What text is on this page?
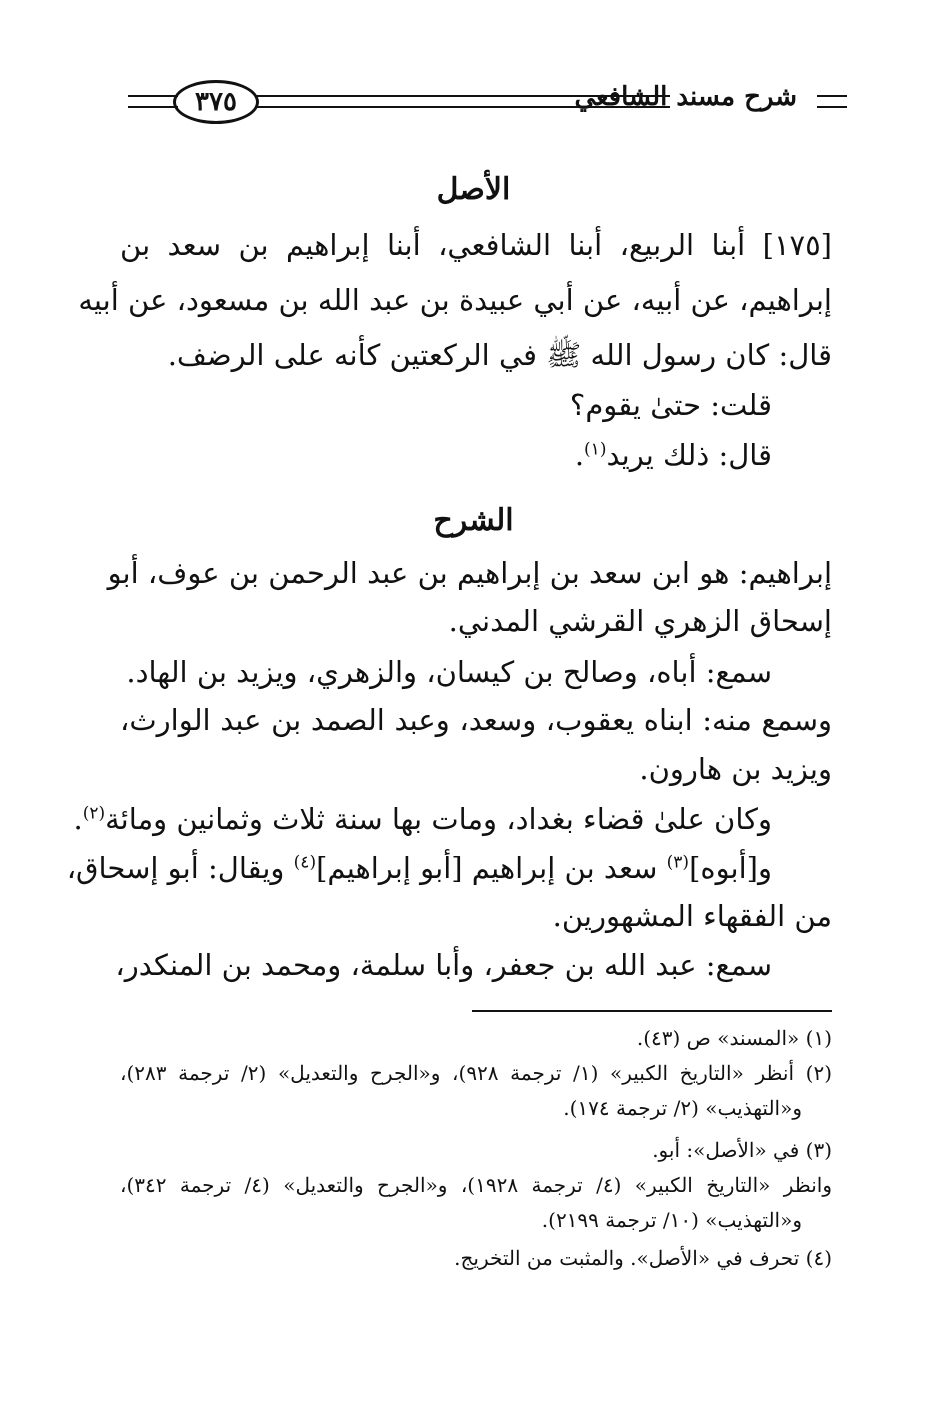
شرح مسند الشافعي
٣٧٥
الأصل
[١٧٥] أبنا الربيع، أبنا الشافعي، أبنا إبراهيم بن سعد بن
إبراهيم، عن أبيه، عن أبي عبيدة بن عبد الله بن مسعود، عن أبيه
قال: كان رسول الله ﷺ في الركعتين كأنه على الرضف.
قلت: حتىٰ يقوم؟
قال: ذلك يريد$^{(١)}$.
الشرح
إبراهيم: هو ابن سعد بن إبراهيم بن عبد الرحمن بن عوف، أبو
إسحاق الزهري القرشي المدني.
سمع: أباه، وصالح بن كيسان، والزهري، ويزيد بن الهاد.
وسمع منه: ابناه يعقوب، وسعد، وعبد الصمد بن عبد الوارث،
ويزيد بن هارون.
وكان علىٰ قضاء بغداد، ومات بها سنة ثلاث وثمانين ومائة$^{(٢)}$.
و[أبوه]$^{(٣)}$ سعد بن إبراهيم [أبو إبراهيم]$^{(٤)}$ ويقال: أبو إسحاق،
من الفقهاء المشهورين.
سمع: عبد الله بن جعفر، وأبا سلمة، ومحمد بن المنكدر،
(١) «المسند» ص (٤٣).
(٢) أنظر «التاريخ الكبير» (١/ ترجمة ٩٢٨)، و«الجرح والتعديل» (٢/ ترجمة ٢٨٣)،
و«التهذيب» (٢/ ترجمة ١٧٤).
(٣) في «الأصل»: أبو.
وانظر «التاريخ الكبير» (٤/ ترجمة ١٩٢٨)، و«الجرح والتعديل» (٤/ ترجمة ٣٤٢)،
و«التهذيب» (١٠/ ترجمة ٢١٩٩).
(٤) تحرف في «الأصل». والمثبت من التخريج.
